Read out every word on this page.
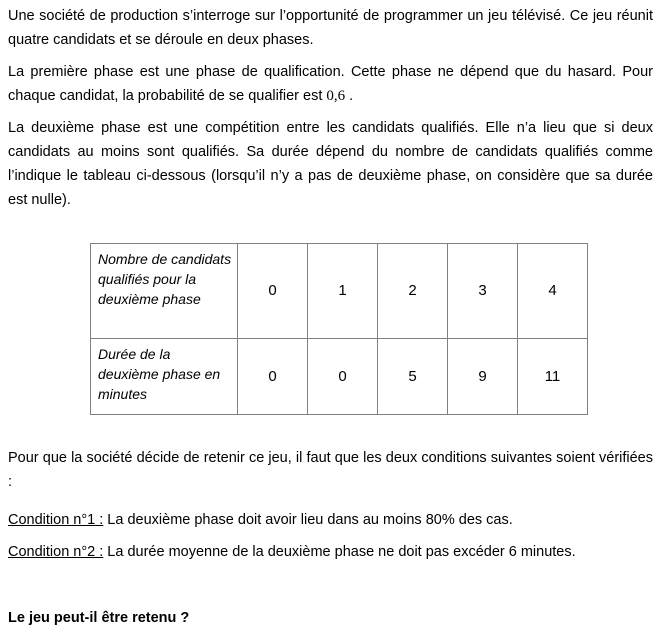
Une société de production s’interroge sur l’opportunité de programmer un jeu télévisé. Ce jeu réunit quatre candidats et se déroule en deux phases.

La première phase est une phase de qualification. Cette phase ne dépend que du hasard. Pour chaque candidat, la probabilité de se qualifier est 0,6 .

La deuxième phase est une compétition entre les candidats qualifiés. Elle n’a lieu que si deux candidats au moins sont qualifiés. Sa durée dépend du nombre de candidats qualifiés comme l’indique le tableau ci-dessous (lorsqu’il n’y a pas de deuxième phase, on considère que sa durée est nulle).

Nombre de candidats qualifiés pour la deuxième phase	0	1	2	3	4
Durée de la deuxième phase en minutes	0	0	5	9	11

Pour que la société décide de retenir ce jeu, il faut que les deux conditions suivantes soient vérifiées :

Condition n°1 : La deuxième phase doit avoir lieu dans au moins 80% des cas.

Condition n°2 : La durée moyenne de la deuxième phase ne doit pas excéder 6 minutes.

Le jeu peut-il être retenu ?
